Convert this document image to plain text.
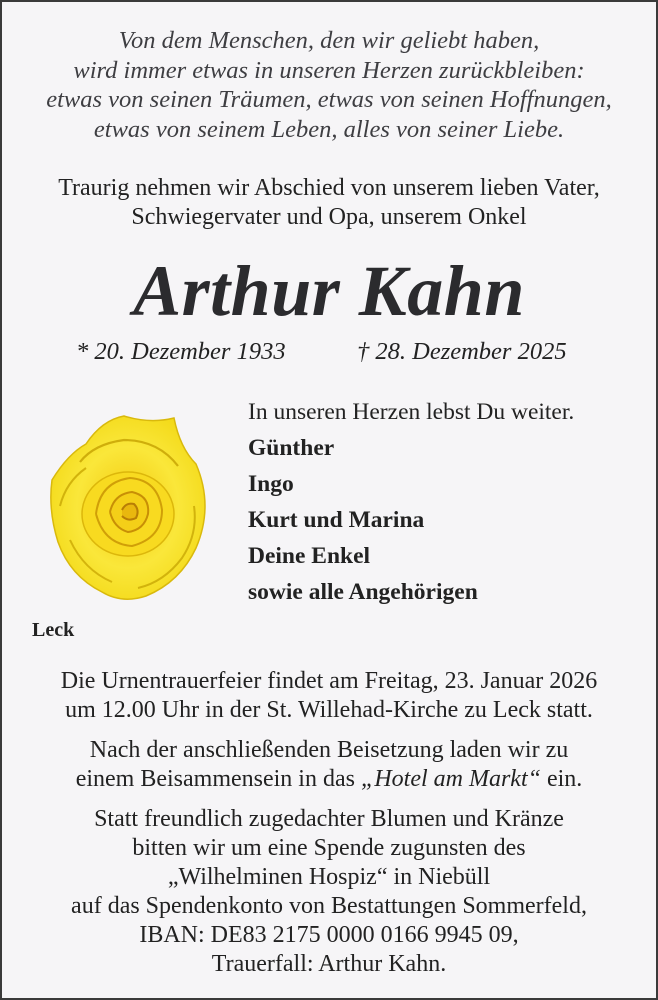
Von dem Menschen, den wir geliebt haben,
wird immer etwas in unseren Herzen zurückbleiben:
etwas von seinen Träumen, etwas von seinen Hoffnungen,
etwas von seinem Leben, alles von seiner Liebe.
Traurig nehmen wir Abschied von unserem lieben Vater,
Schwiegervater und Opa, unserem Onkel
Arthur Kahn
* 20. Dezember 1933	† 28. Dezember 2025
In unseren Herzen lebst Du weiter.
Günther
Ingo
Kurt und Marina
Deine Enkel
sowie alle Angehörigen
Leck
Die Urnentrauerfeier findet am Freitag, 23. Januar 2026
um 12.00 Uhr in der St. Willehad-Kirche zu Leck statt.
Nach der anschließenden Beisetzung laden wir zu
einem Beisammensein in das „Hotel am Markt“ ein.
Statt freundlich zugedachter Blumen und Kränze
bitten wir um eine Spende zugunsten des
„Wilhelminen Hospiz“ in Niebüll
auf das Spendenkonto von Bestattungen Sommerfeld,
IBAN: DE83 2175 0000 0166 9945 09,
Trauerfall: Arthur Kahn.
